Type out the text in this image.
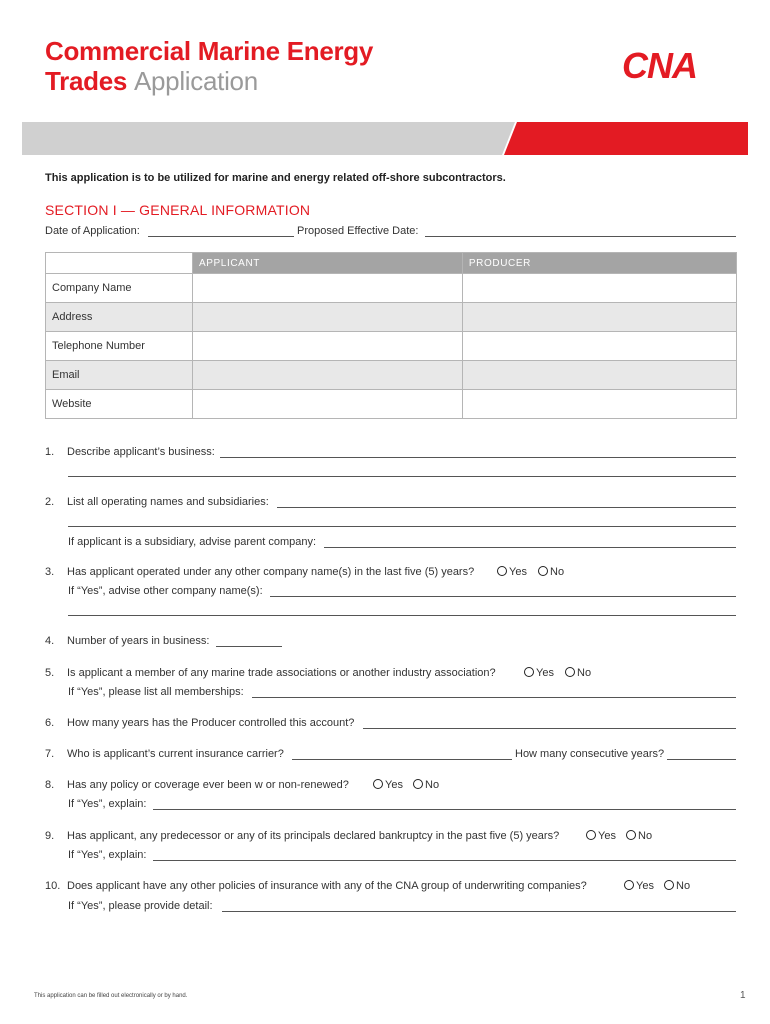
Commercial Marine Energy
Trades Application	CNA
This application is to be utilized for marine and energy related off-shore subcontractors.
SECTION I — GENERAL INFORMATION
Date of Application:	Proposed Effective Date:
	APPLICANT	PRODUCER
Company Name		
Address		
Telephone Number		
Email		
Website		
1. Describe applicant’s business:
2. List all operating names and subsidiaries:
If applicant is a subsidiary, advise parent company:
3. Has applicant operated under any other company name(s) in the last five (5) years?	Yes	No
If “Yes”, advise other company name(s):
4. Number of years in business:
5. Is applicant a member of any marine trade associations or another industry association?	Yes	No
If “Yes”, please list all memberships:
6. How many years has the Producer controlled this account?
7. Who is applicant’s current insurance carrier?	How many consecutive years?
8. Has any policy or coverage ever been w or non-renewed?	Yes	No
If “Yes”, explain:
9. Has applicant, any predecessor or any of its principals declared bankruptcy in the past five (5) years?	Yes	No
If “Yes”, explain:
10. Does applicant have any other policies of insurance with any of the CNA group of underwriting companies?	Yes	No
If “Yes”, please provide detail:
This application can be filled out electronically or by hand.	1
